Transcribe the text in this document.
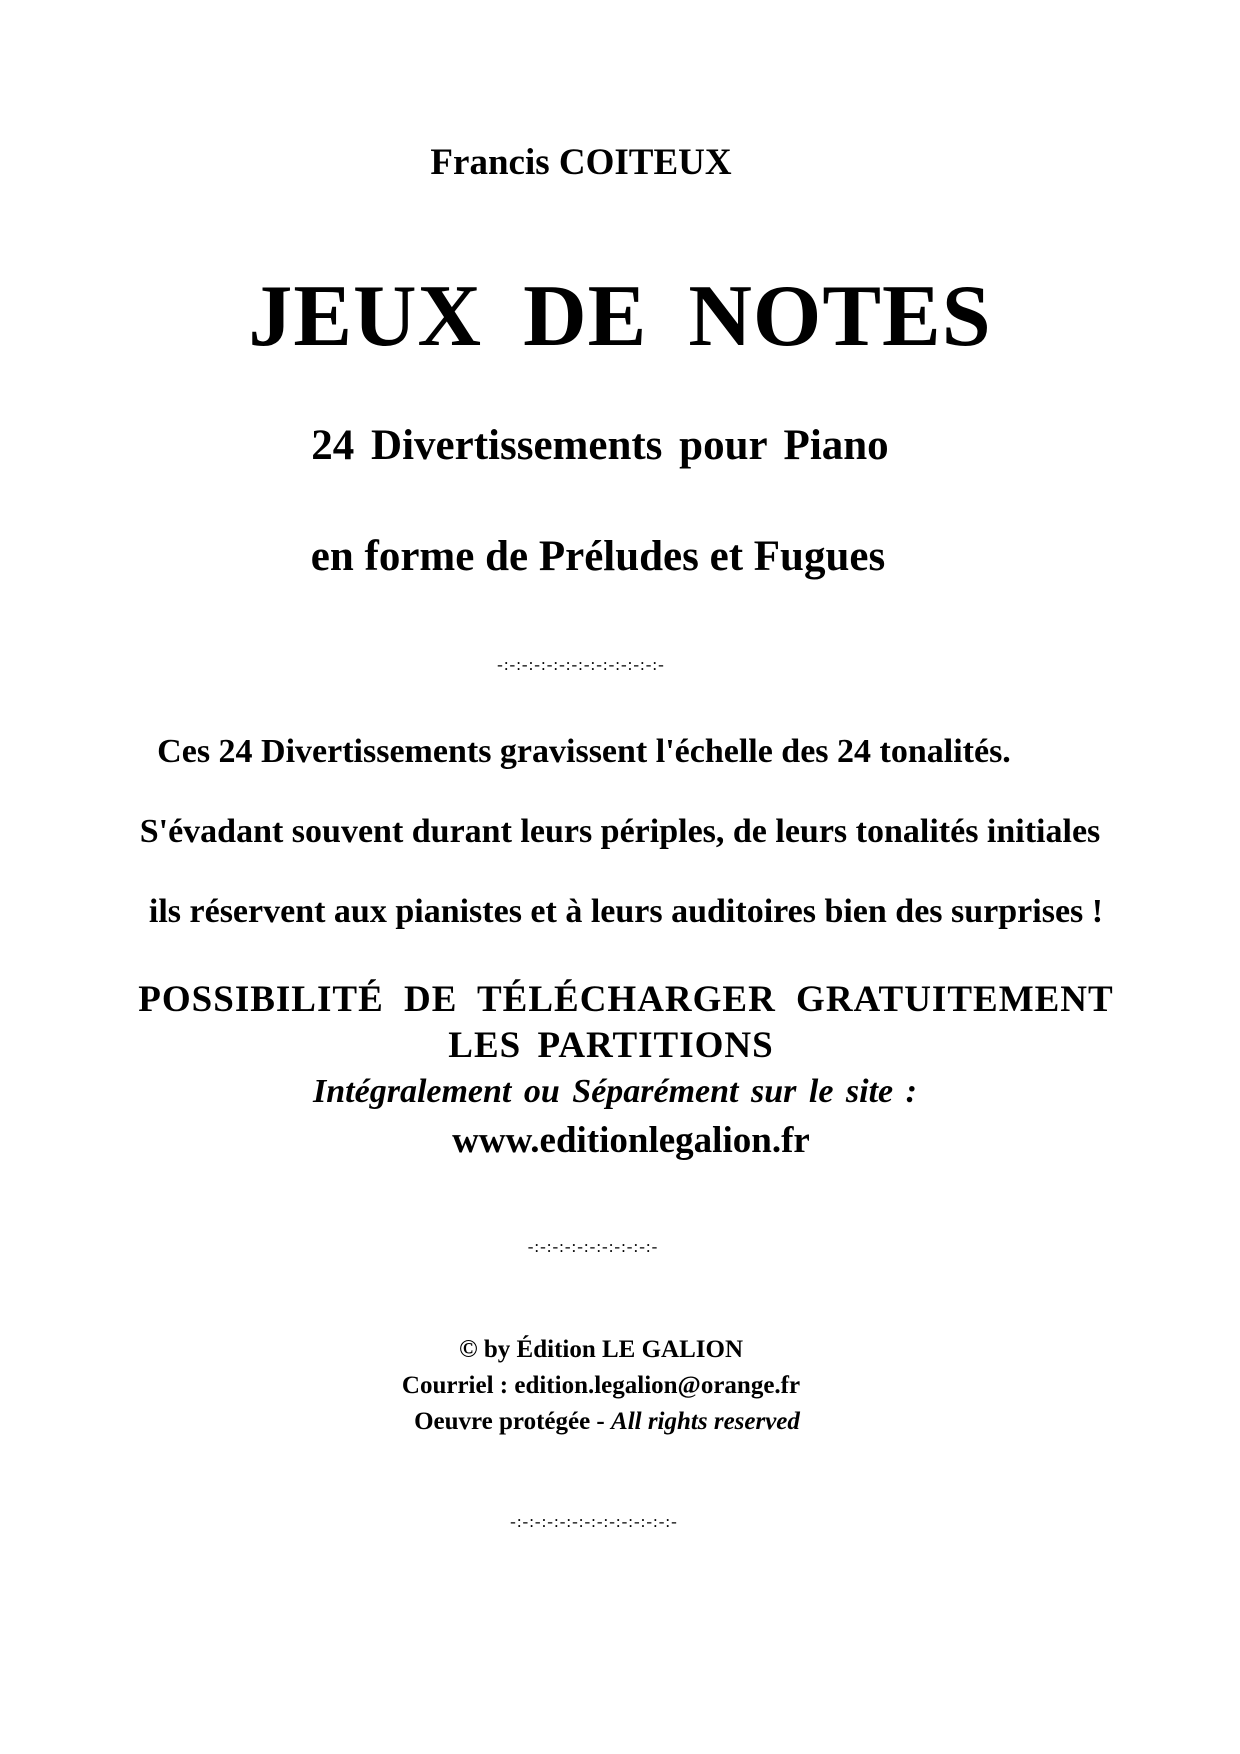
Francis COITEUX
JEUX DE NOTES
24 Divertissements pour Piano
en forme de Préludes et Fugues
-:-:-:-:-:-:-:-:-:-:-:-:-:-
Ces 24 Divertissements gravissent l'échelle des 24 tonalités.
S'évadant souvent durant leurs périples, de leurs tonalités initiales
ils réservent aux pianistes et à leurs auditoires bien des surprises !
POSSIBILITÉ DE TÉLÉCHARGER GRATUITEMENT
LES PARTITIONS
Intégralement ou Séparément sur le site :
www.editionlegalion.fr
-:-:-:-:-:-:-:-:-:-:-
© by Édition LE GALION
Courriel : edition.legalion@orange.fr
Oeuvre protégée - All rights reserved
-:-:-:-:-:-:-:-:-:-:-:-:-:-
